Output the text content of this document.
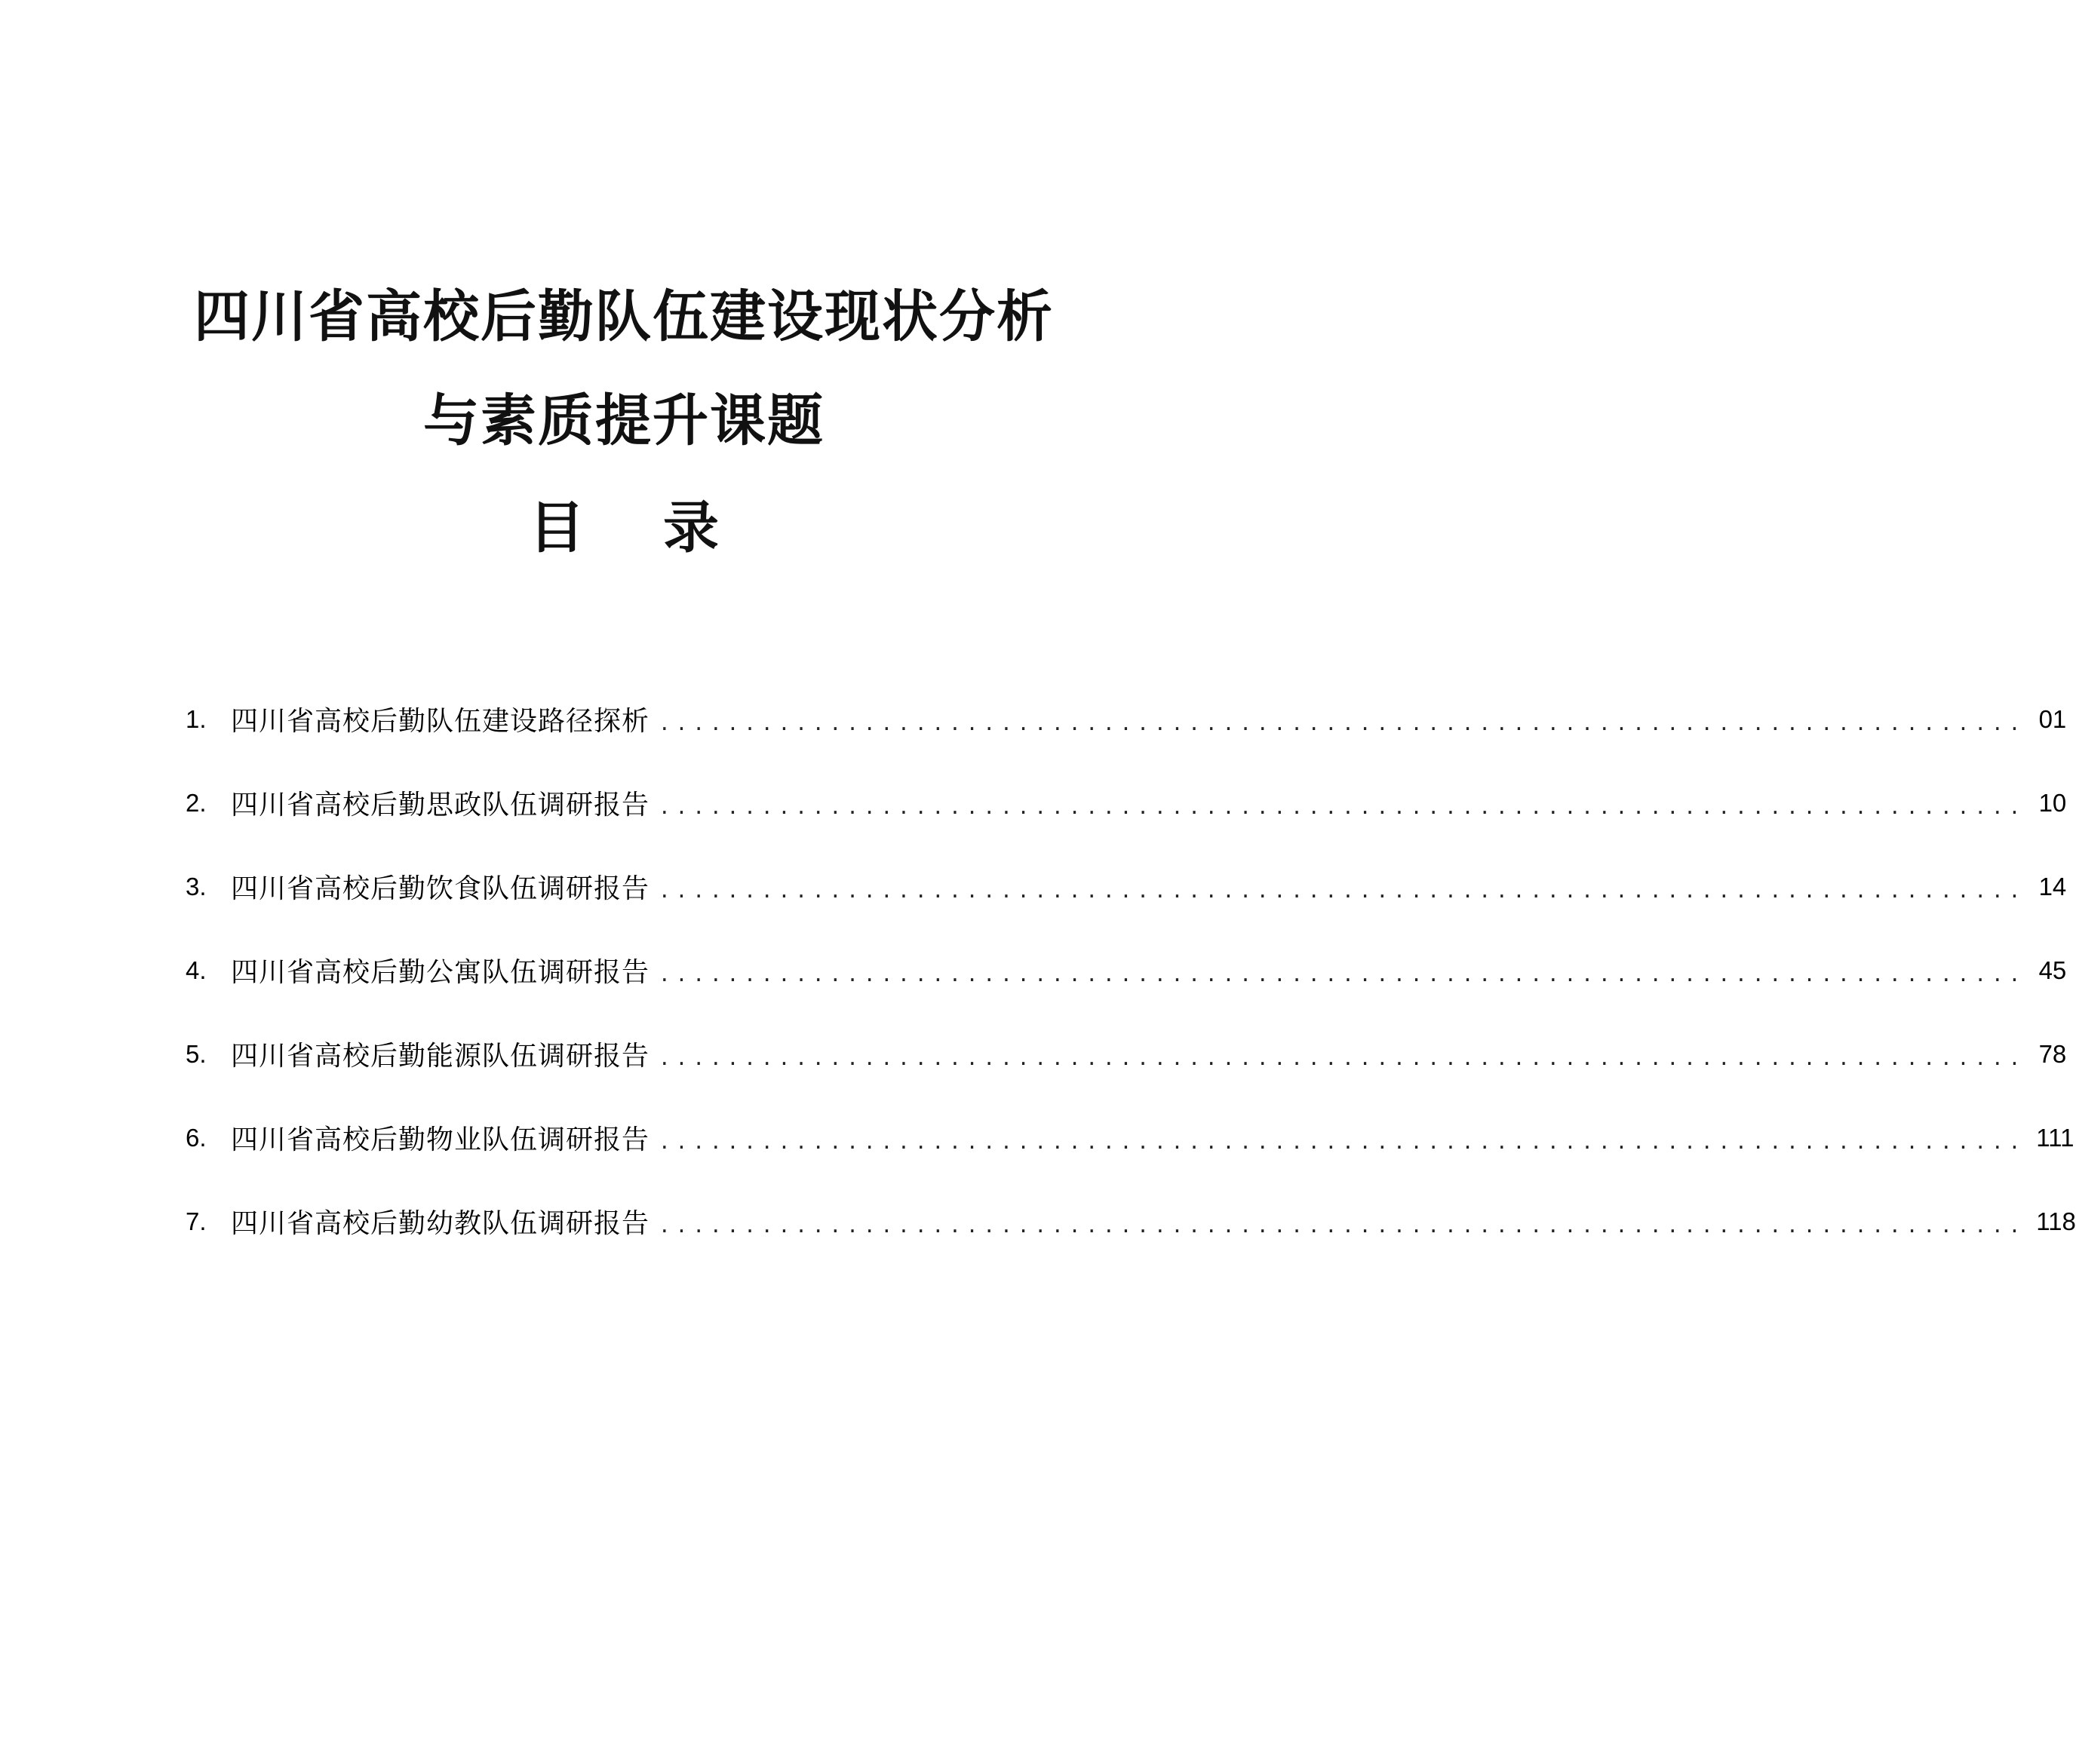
四川省高校后勤队伍建设现状分析
与素质提升课题
目 录
1. 四川省高校后勤队伍建设路径探析 ................................................................................ 01
2. 四川省高校后勤思政队伍调研报告 ................................................................................ 10
3. 四川省高校后勤饮食队伍调研报告 ................................................................................ 14
4. 四川省高校后勤公寓队伍调研报告 ................................................................................ 45
5. 四川省高校后勤能源队伍调研报告 ................................................................................ 78
6. 四川省高校后勤物业队伍调研报告 ................................................................................ 111
7. 四川省高校后勤幼教队伍调研报告 ................................................................................ 118
